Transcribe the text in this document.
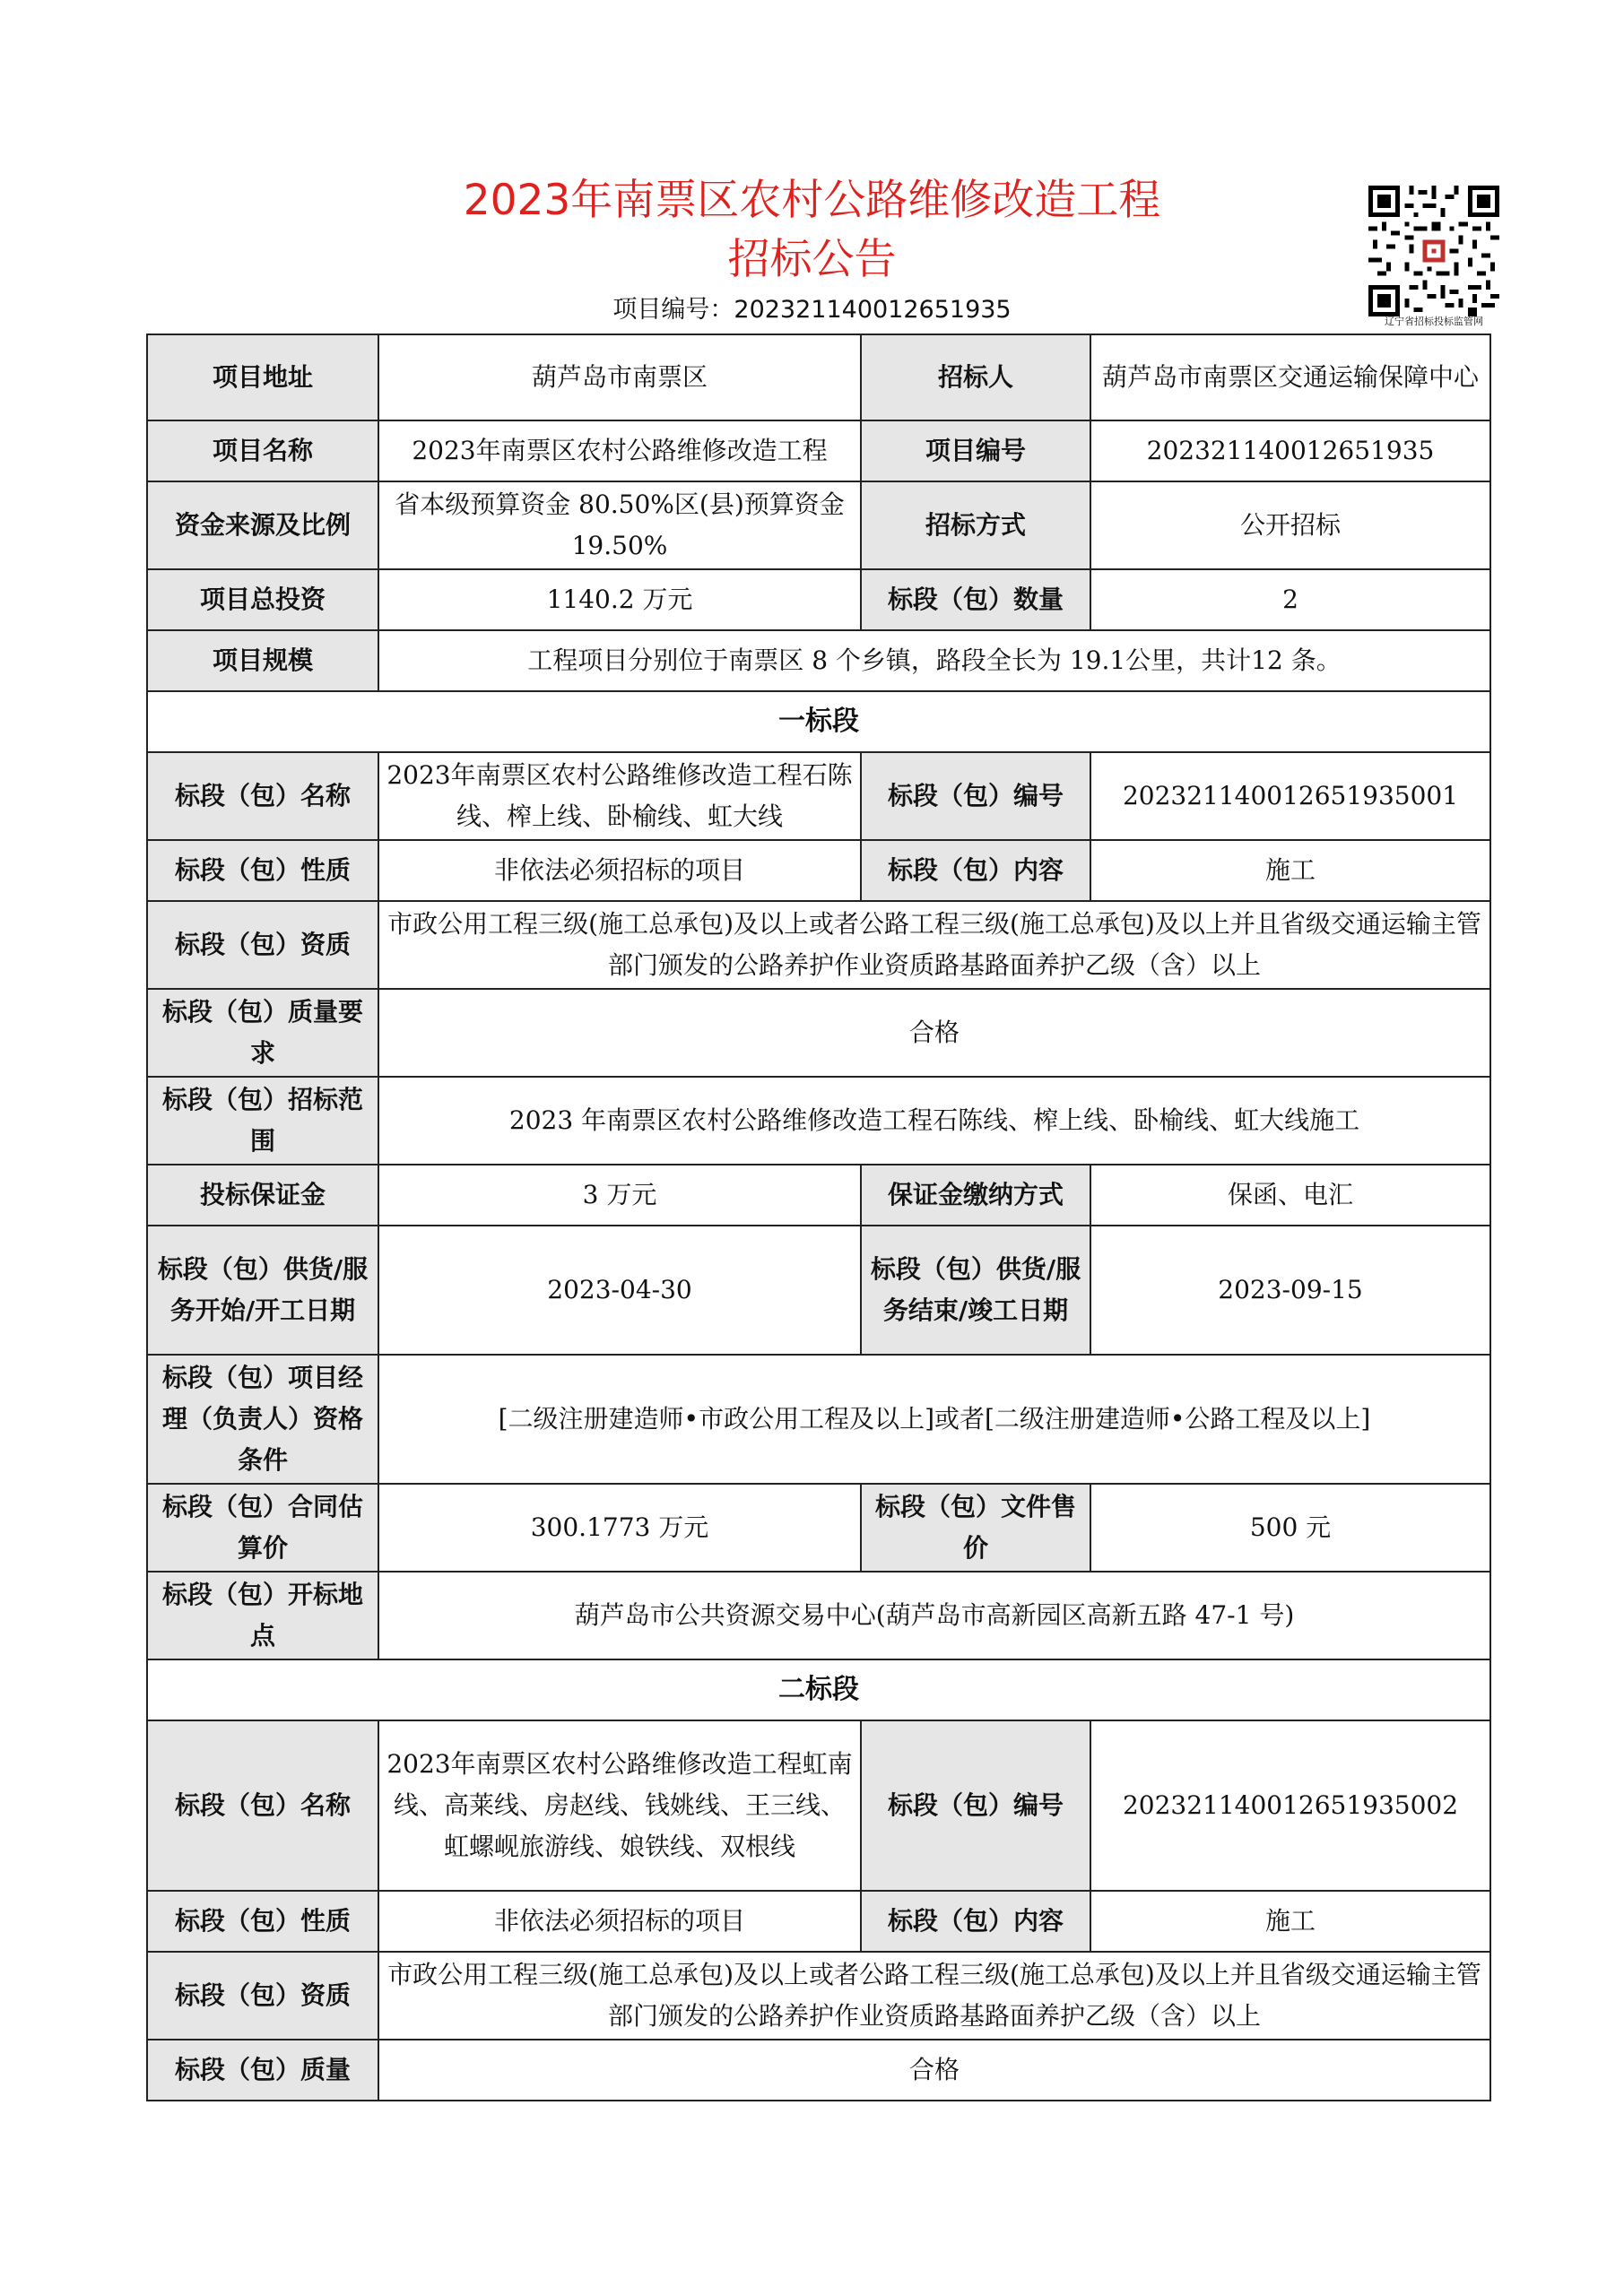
2023年南票区农村公路维修改造工程
招标公告
项目编号：202321140012651935	辽宁省招标投标监管网
项目地址	葫芦岛市南票区	招标人	葫芦岛市南票区交通运输保障中心
项目名称	2023年南票区农村公路维修改造工程	项目编号	202321140012651935
资金来源及比例	省本级预算资金 80.50%区(县)预算资金 19.50%	招标方式	公开招标
项目总投资	1140.2 万元	标段（包）数量	2
项目规模	工程项目分别位于南票区 8 个乡镇，路段全长为 19.1公里，共计12 条。		
一标段			
标段（包）名称	2023年南票区农村公路维修改造工程石陈线、榨上线、卧榆线、虹大线	标段（包）编号	202321140012651935001
标段（包）性质	非依法必须招标的项目	标段（包）内容	施工
标段（包）资质	市政公用工程三级(施工总承包)及以上或者公路工程三级(施工总承包)及以上并且省级交通运输主管部门颁发的公路养护作业资质路基路面养护乙级（含）以上		
标段（包）质量要求	合格		
标段（包）招标范围	2023 年南票区农村公路维修改造工程石陈线、榨上线、卧榆线、虹大线施工		
投标保证金	3 万元	保证金缴纳方式	保函、电汇
标段（包）供货/服务开始/开工日期	2023-04-30	标段（包）供货/服务结束/竣工日期	2023-09-15
标段（包）项目经理（负责人）资格条件	[二级注册建造师•市政公用工程及以上]或者[二级注册建造师•公路工程及以上]		
标段（包）合同估算价	300.1773 万元	标段（包）文件售价	500 元
标段（包）开标地点	葫芦岛市公共资源交易中心(葫芦岛市高新园区高新五路 47-1 号)		
二标段			
标段（包）名称	2023年南票区农村公路维修改造工程虹南线、高莱线、房赵线、钱姚线、王三线、虹螺岘旅游线、娘铁线、双根线	标段（包）编号	202321140012651935002
标段（包）性质	非依法必须招标的项目	标段（包）内容	施工
标段（包）资质	市政公用工程三级(施工总承包)及以上或者公路工程三级(施工总承包)及以上并且省级交通运输主管部门颁发的公路养护作业资质路基路面养护乙级（含）以上		
标段（包）质量	合格		
